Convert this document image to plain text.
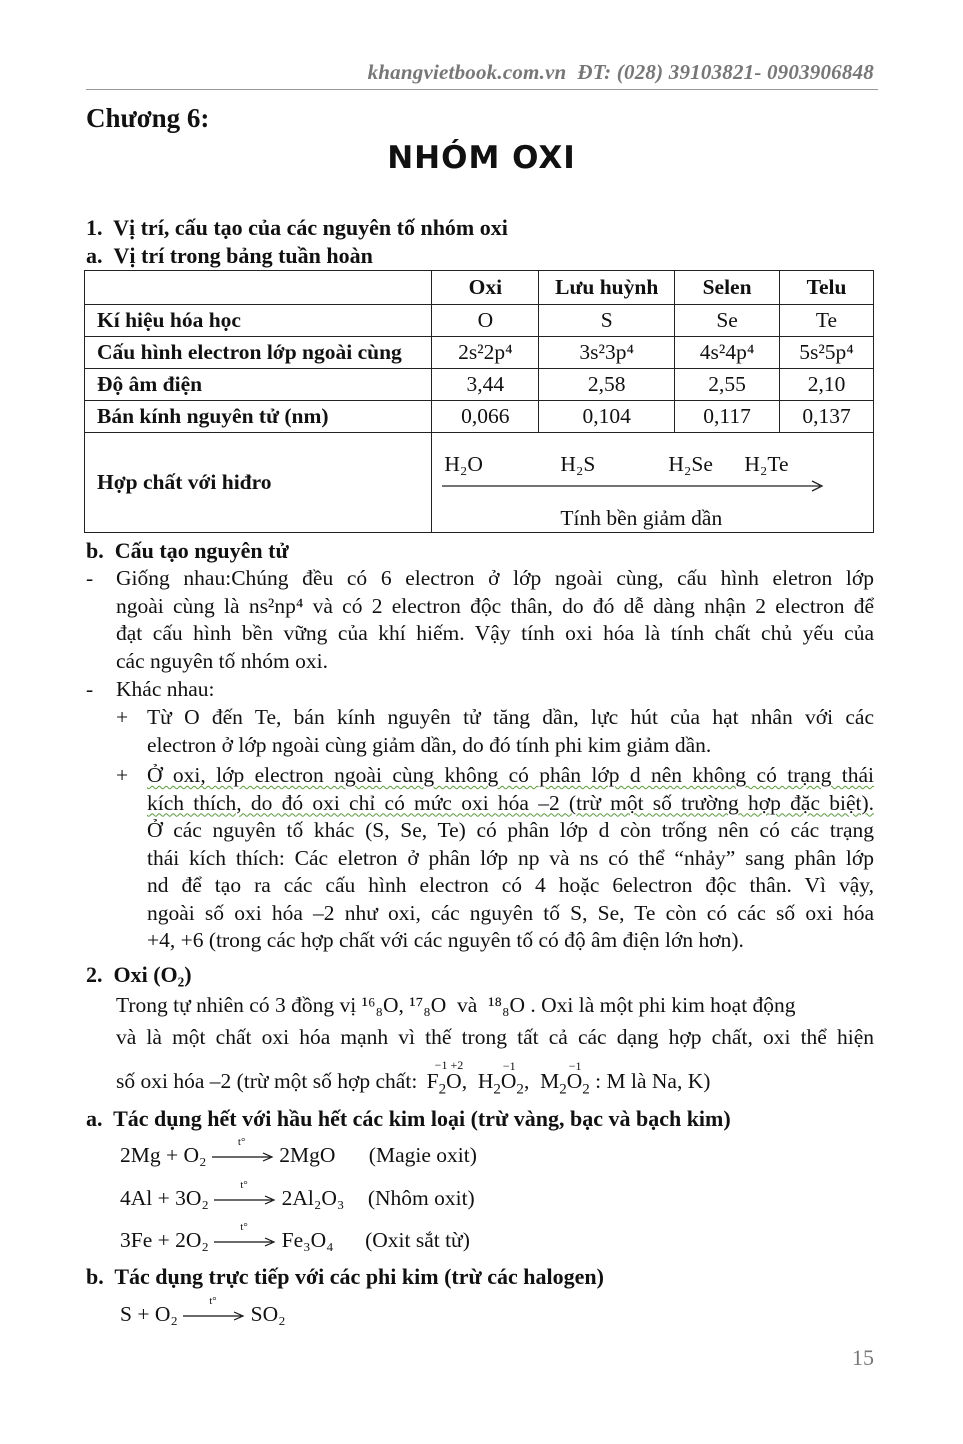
khangvietbook.com.vn ĐT: (028) 39103821- 0903906848
Chương 6:
NHÓM OXI
1. Vị trí, cấu tạo của các nguyên tố nhóm oxi
a. Vị trí trong bảng tuần hoàn
	Oxi	Lưu huỳnh	Selen	Telu
Kí hiệu hóa học	O	S	Se	Te
Cấu hình electron lớp ngoài cùng	2s²2p⁴	3s²3p⁴	4s²4p⁴	5s²5p⁴
Độ âm điện	3,44	2,58	2,55	2,10
Bán kính nguyên tử (nm)	0,066	0,104	0,117	0,137
Hợp chất với hiđro	H₂O H₂S H₂Se H₂Te
Tính bền giảm dần			
b. Cấu tạo nguyên tử
- Giống nhau:Chúng đều có 6 electron ở lớp ngoài cùng, cấu hình eletron lớp
ngoài cùng là ns²np⁴ và có 2 electron độc thân, do đó dễ dàng nhận 2 electron để
đạt cấu hình bền vững của khí hiếm. Vậy tính oxi hóa là tính chất chủ yếu của
các nguyên tố nhóm oxi.
- Khác nhau:
+ Từ O đến Te, bán kính nguyên tử tăng dần, lực hút của hạt nhân với các
electron ở lớp ngoài cùng giảm dần, do đó tính phi kim giảm dần.
+ Ở oxi, lớp electron ngoài cùng không có phân lớp d nên không có trạng thái
kích thích, do đó oxi chỉ có mức oxi hóa –2 (trừ một số trường hợp đặc biệt).
Ở các nguyên tố khác (S, Se, Te) có phân lớp d còn trống nên có các trạng
thái kích thích: Các eletron ở phân lớp np và ns có thể “nhảy” sang phân lớp
nd để tạo ra các cấu hình electron có 4 hoặc 6electron độc thân. Vì vậy,
ngoài số oxi hóa –2 như oxi, các nguyên tố S, Se, Te còn có các số oxi hóa
+4, +6 (trong các hợp chất với các nguyên tố có độ âm điện lớn hơn).
2. Oxi (O₂)
Trong tự nhiên có 3 đồng vị ¹⁶₈O, ¹⁷₈O và ¹⁸₈O . Oxi là một phi kim hoạt động
và là một chất oxi hóa mạnh vì thế trong tất cả các dạng hợp chất, oxi thể hiện
số oxi hóa –2 (trừ một số hợp chất:
−1 +2
$F_2O$,  $H_2O$
−1
$_2$,  $M_2O$
−1
$_2$ : M là Na, K)
a. Tác dụng hết với hầu hết các kim loại (trừ vàng, bạc và bạch kim)
2Mg + O₂
t°
2MgO (Magie oxit)
4Al + 3O₂
t°
2Al₂O₃ (Nhôm oxit)
3Fe + 2O₂
t°
Fe₃O₄ (Oxit sắt từ)
b. Tác dụng trực tiếp với các phi kim (trừ các halogen)
S + O₂
t°
SO₂
15
